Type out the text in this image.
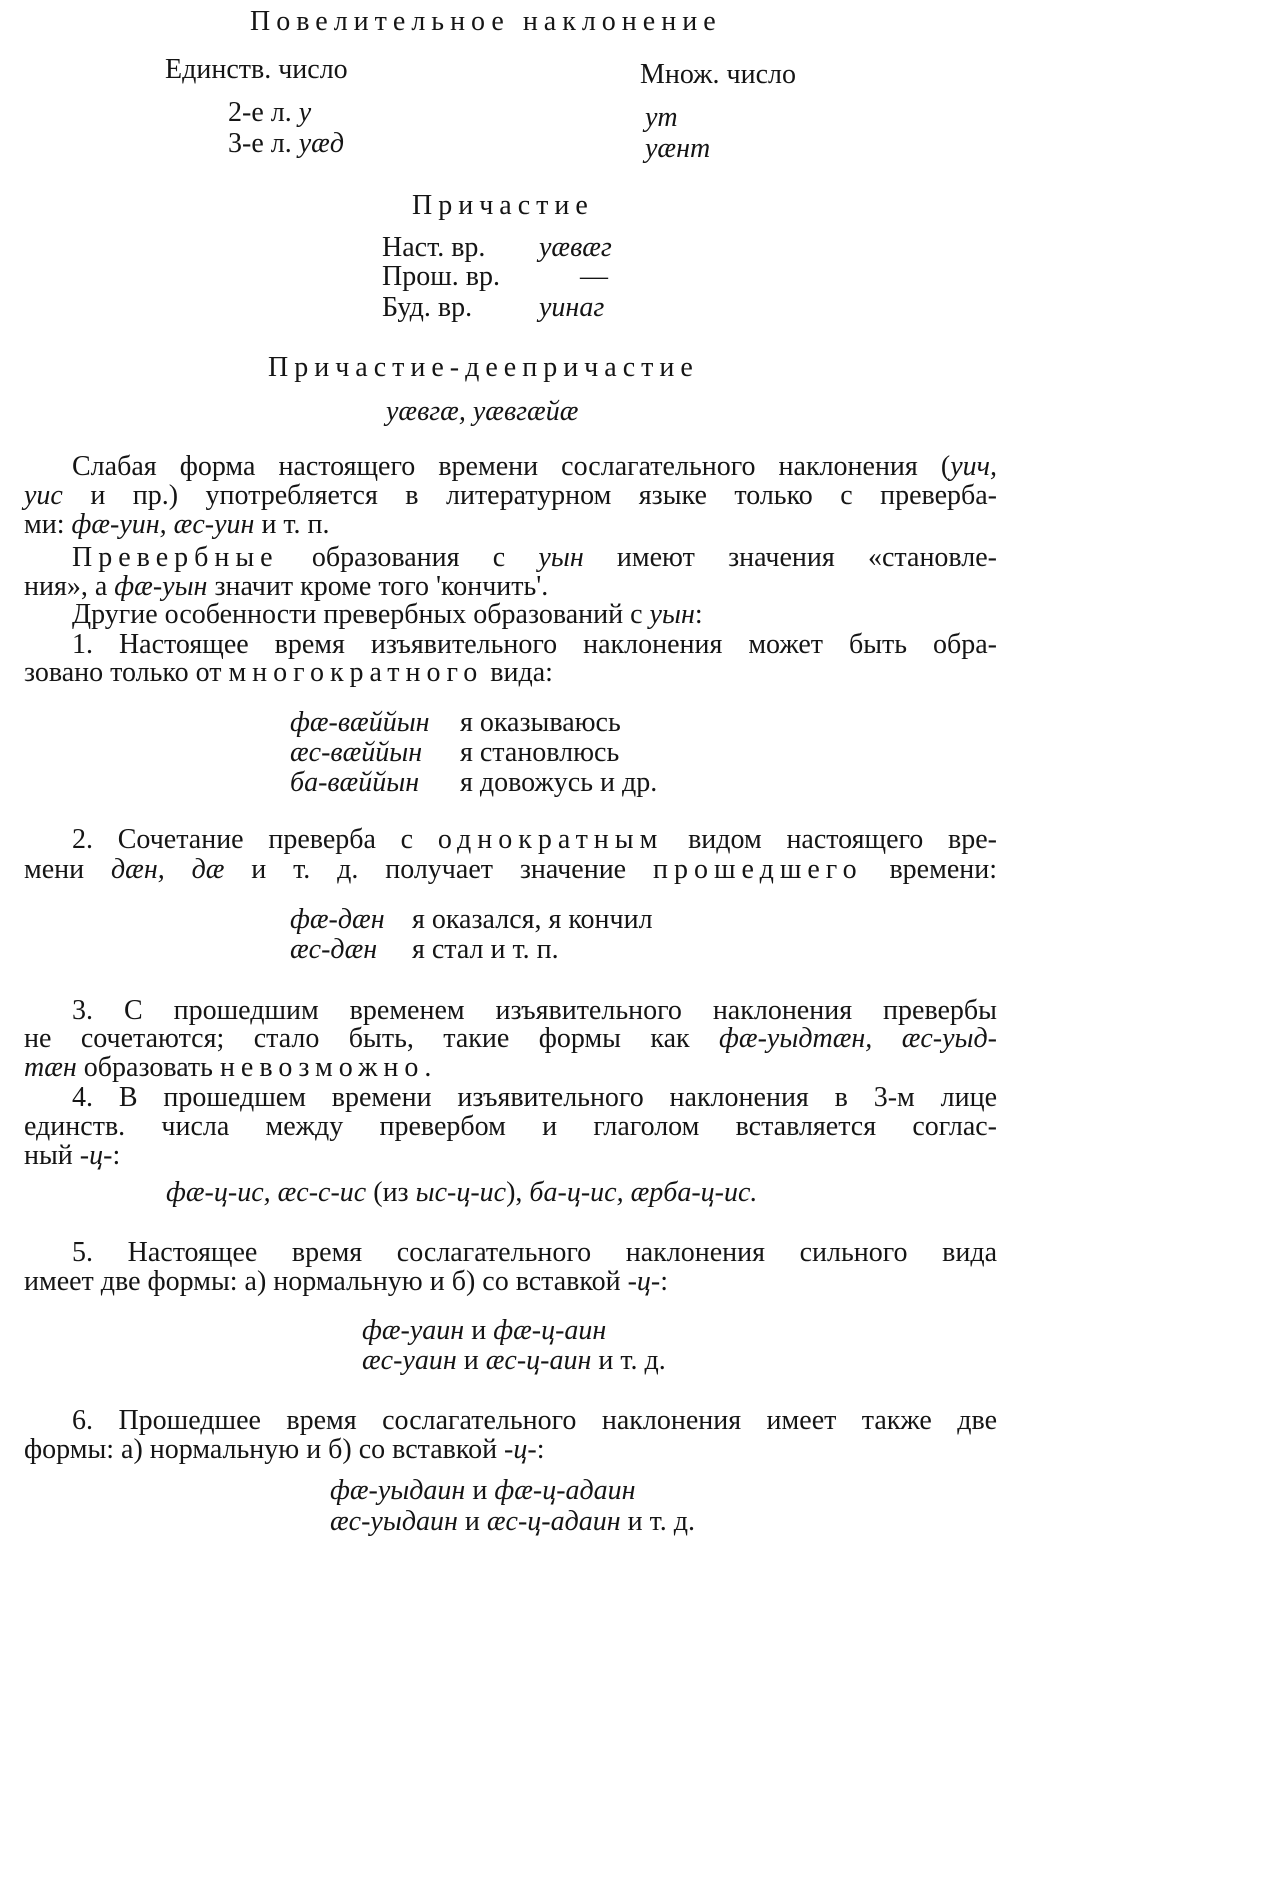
Повелительное наклонение
Единств. число	Множ. число
2-е л. у	ут
3-е л. уæд	уæнт
Причастие
Наст. вр. уæвæг
Прош. вр.	—
Буд. вр. уинаг
Причастие-деепричастие
уæвгæ, уæвгæйæ
Слабая форма настоящего времени сослагательного наклонения (уич,
уис и пр.) употребляется в литературном языке только с преверба-
ми: фæ-уин, æс-уин и т. п.
Превербные образования с уын имеют значения «становле-
ния», а фæ-уын значит кроме того 'кончить'.
Другие особенности превербных образований с уын:
1. Настоящее время изъявительного наклонения может быть обра-
зовано только от многократного вида:
фæ-вæййын я оказываюсь
æс-вæййын я становлюсь
ба-вæййын я довожусь и др.
2. Сочетание преверба с однократным видом настоящего вре-
мени дæн, дæ и т. д. получает значение прошедшего времени:
фæ-дæн я оказался, я кончил
æс-дæн я стал и т. п.
3. С прошедшим временем изъявительного наклонения преверб​ы
не сочетаются; стало быть, такие формы как фæ-уыдтæн, æс-уыд-
тæн образовать невозможно.
4. В прошедшем времени изъявительного наклонения в 3-м лице
единств. числа между превербом и глаголом вставляется соглас-
ный -ц-:
фæ-ц-ис, æс-с-ис (из ыс-ц-ис), ба-ц-ис, æрба-ц-ис.
5. Настоящее время сослагательного наклонения сильного вида
имеет две формы: а) нормальную и б) со вставкой -ц-:
фæ-уаин и фæ-ц-аин
æс-уаин и æс-ц-аин и т. д.
6. Прошедшее время сослагательного наклонения имеет также две
формы: а) нормальную и б) со вставкой -ц-:
фæ-уыдаин и фæ-ц-адаин
æс-уыдаин и æс-ц-адаин и т. д.
